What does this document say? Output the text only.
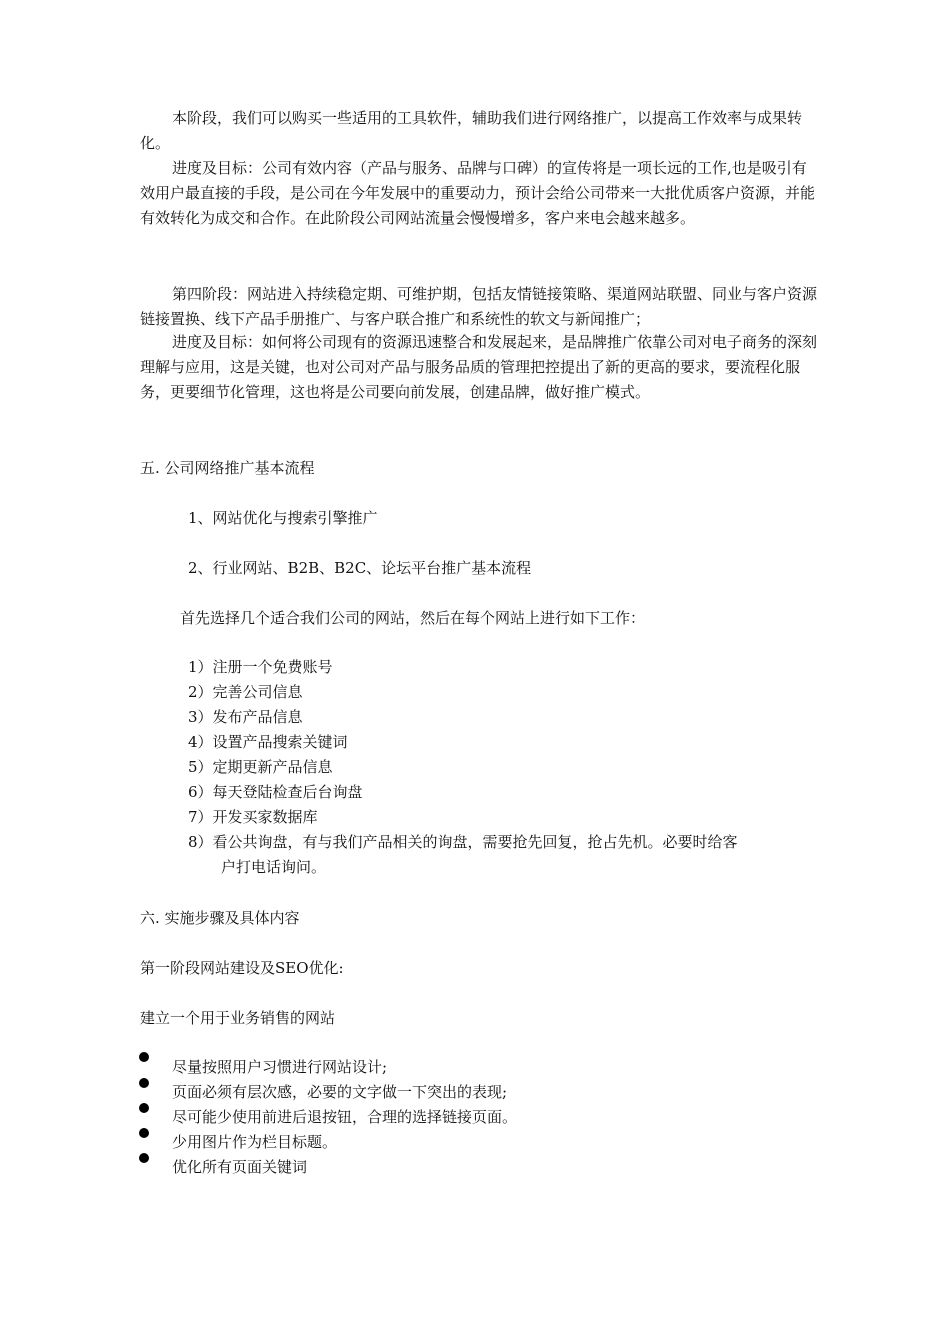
本阶段，我们可以购买一些适用的工具软件，辅助我们进行网络推广，以提高工作效率与成果转化。
进度及目标：公司有效内容（产品与服务、品牌与口碑）的宣传将是一项长远的工作,也是吸引有效用户最直接的手段，是公司在今年发展中的重要动力，预计会给公司带来一大批优质客户资源，并能有效转化为成交和合作。在此阶段公司网站流量会慢慢增多，客户来电会越来越多。
第四阶段：网站进入持续稳定期、可维护期，包括友情链接策略、渠道网站联盟、同业与客户资源链接置换、线下产品手册推广、与客户联合推广和系统性的软文与新闻推广；
进度及目标：如何将公司现有的资源迅速整合和发展起来，是品牌推广依靠公司对电子商务的深刻理解与应用，这是关键，也对公司对产品与服务品质的管理把控提出了新的更高的要求，要流程化服务，更要细节化管理，这也将是公司要向前发展，创建品牌，做好推广模式。
五. 公司网络推广基本流程
1、网站优化与搜索引擎推广
2、行业网站、B2B、B2C、论坛平台推广基本流程
首先选择几个适合我们公司的网站，然后在每个网站上进行如下工作：
1）注册一个免费账号
2）完善公司信息
3）发布产品信息
4）设置产品搜索关键词
5）定期更新产品信息
6）每天登陆检查后台询盘
7）开发买家数据库
8）看公共询盘，有与我们产品相关的询盘，需要抢先回复，抢占先机。必要时给客
户打电话询问。
六. 实施步骤及具体内容
第一阶段网站建设及SEO优化:
建立一个用于业务销售的网站
尽量按照用户习惯进行网站设计;
页面必须有层次感，必要的文字做一下突出的表现;
尽可能少使用前进后退按钮，合理的选择链接页面。
少用图片作为栏目标题。
优化所有页面关键词
